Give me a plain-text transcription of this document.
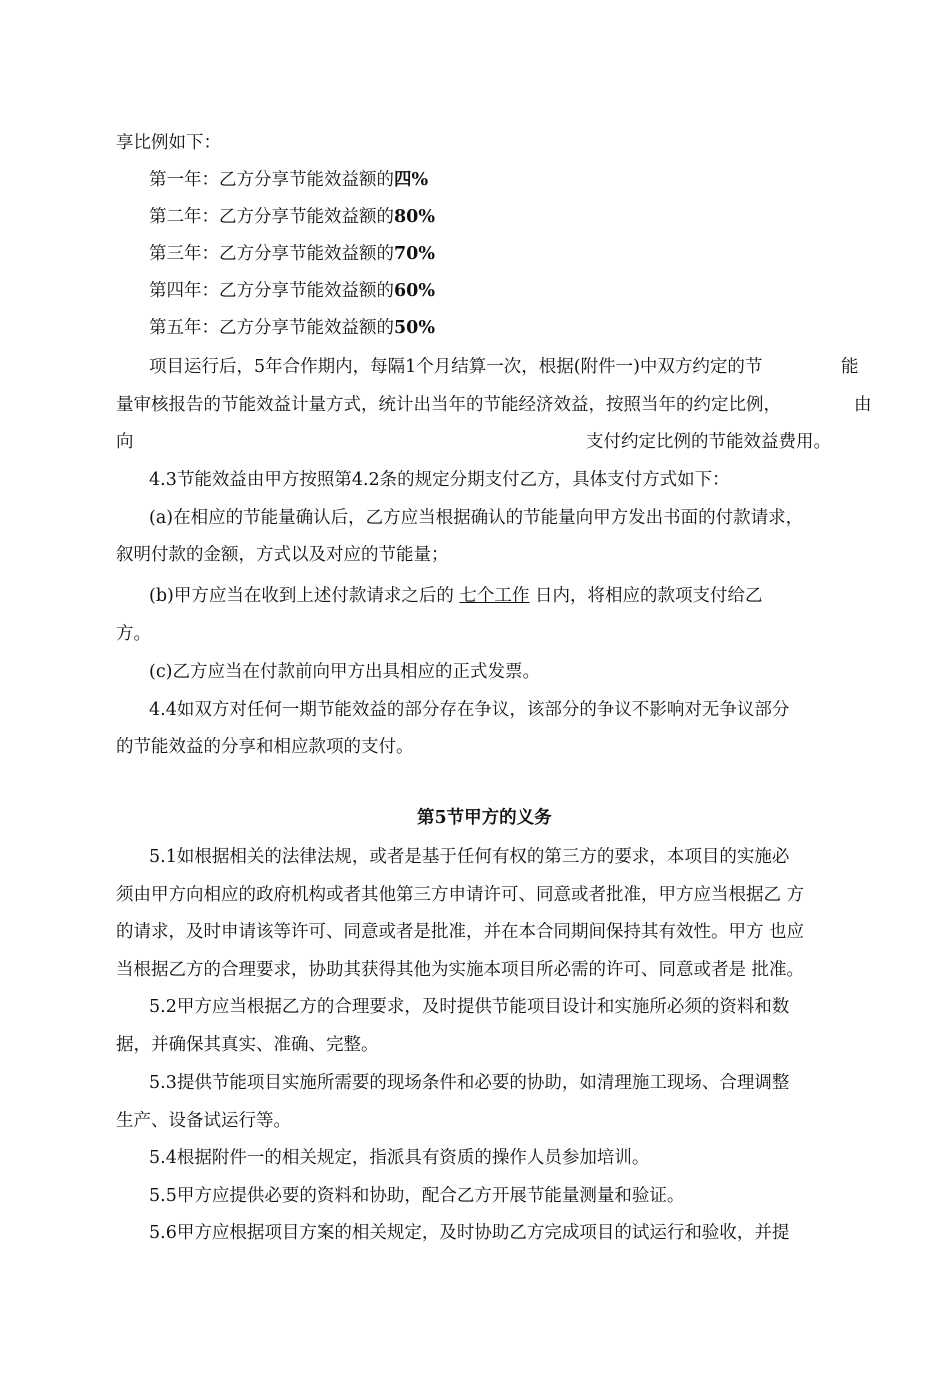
享比例如下：
第一年：乙方分享节能效益额的四%
第二年：乙方分享节能效益额的80%
第三年：乙方分享节能效益额的70%
第四年：乙方分享节能效益额的60%
第五年：乙方分享节能效益额的50%
项目运行后，5年合作期内，每隔1个月结算一次，根据(附件一)中双方约定的节	能
量审核报告的节能效益计量方式，统计出当年的节能经济效益，按照当年的约定比例，	由
向	支付约定比例的节能效益费用。
4.3节能效益由甲方按照第4.2条的规定分期支付乙方，具体支付方式如下：
(a)在相应的节能量确认后，乙方应当根据确认的节能量向甲方发出书面的付款请求，
叙明付款的金额，方式以及对应的节能量；
(b)甲方应当在收到上述付款请求之后的 七个工作 日内，将相应的款项支付给乙
方。
(c)乙方应当在付款前向甲方出具相应的正式发票。
4.4如双方对任何一期节能效益的部分存在争议，该部分的争议不影响对无争议部分
的节能效益的分享和相应款项的支付。
第5节甲方的义务
5.1如根据相关的法律法规，或者是基于任何有权的第三方的要求，本项目的实施必
须由甲方向相应的政府机构或者其他第三方申请许可、同意或者批准，甲方应当根据乙 方
的请求，及时申请该等许可、同意或者是批准，并在本合同期间保持其有效性。甲方 也应
当根据乙方的合理要求，协助其获得其他为实施本项目所必需的许可、同意或者是 批准。
5.2甲方应当根据乙方的合理要求，及时提供节能项目设计和实施所必须的资料和数
据，并确保其真实、准确、完整。
5.3提供节能项目实施所需要的现场条件和必要的协助，如清理施工现场、合理调整
生产、设备试运行等。
5.4根据附件一的相关规定，指派具有资质的操作人员参加培训。
5.5甲方应提供必要的资料和协助，配合乙方开展节能量测量和验证。
5.6甲方应根据项目方案的相关规定，及时协助乙方完成项目的试运行和验收，并提
